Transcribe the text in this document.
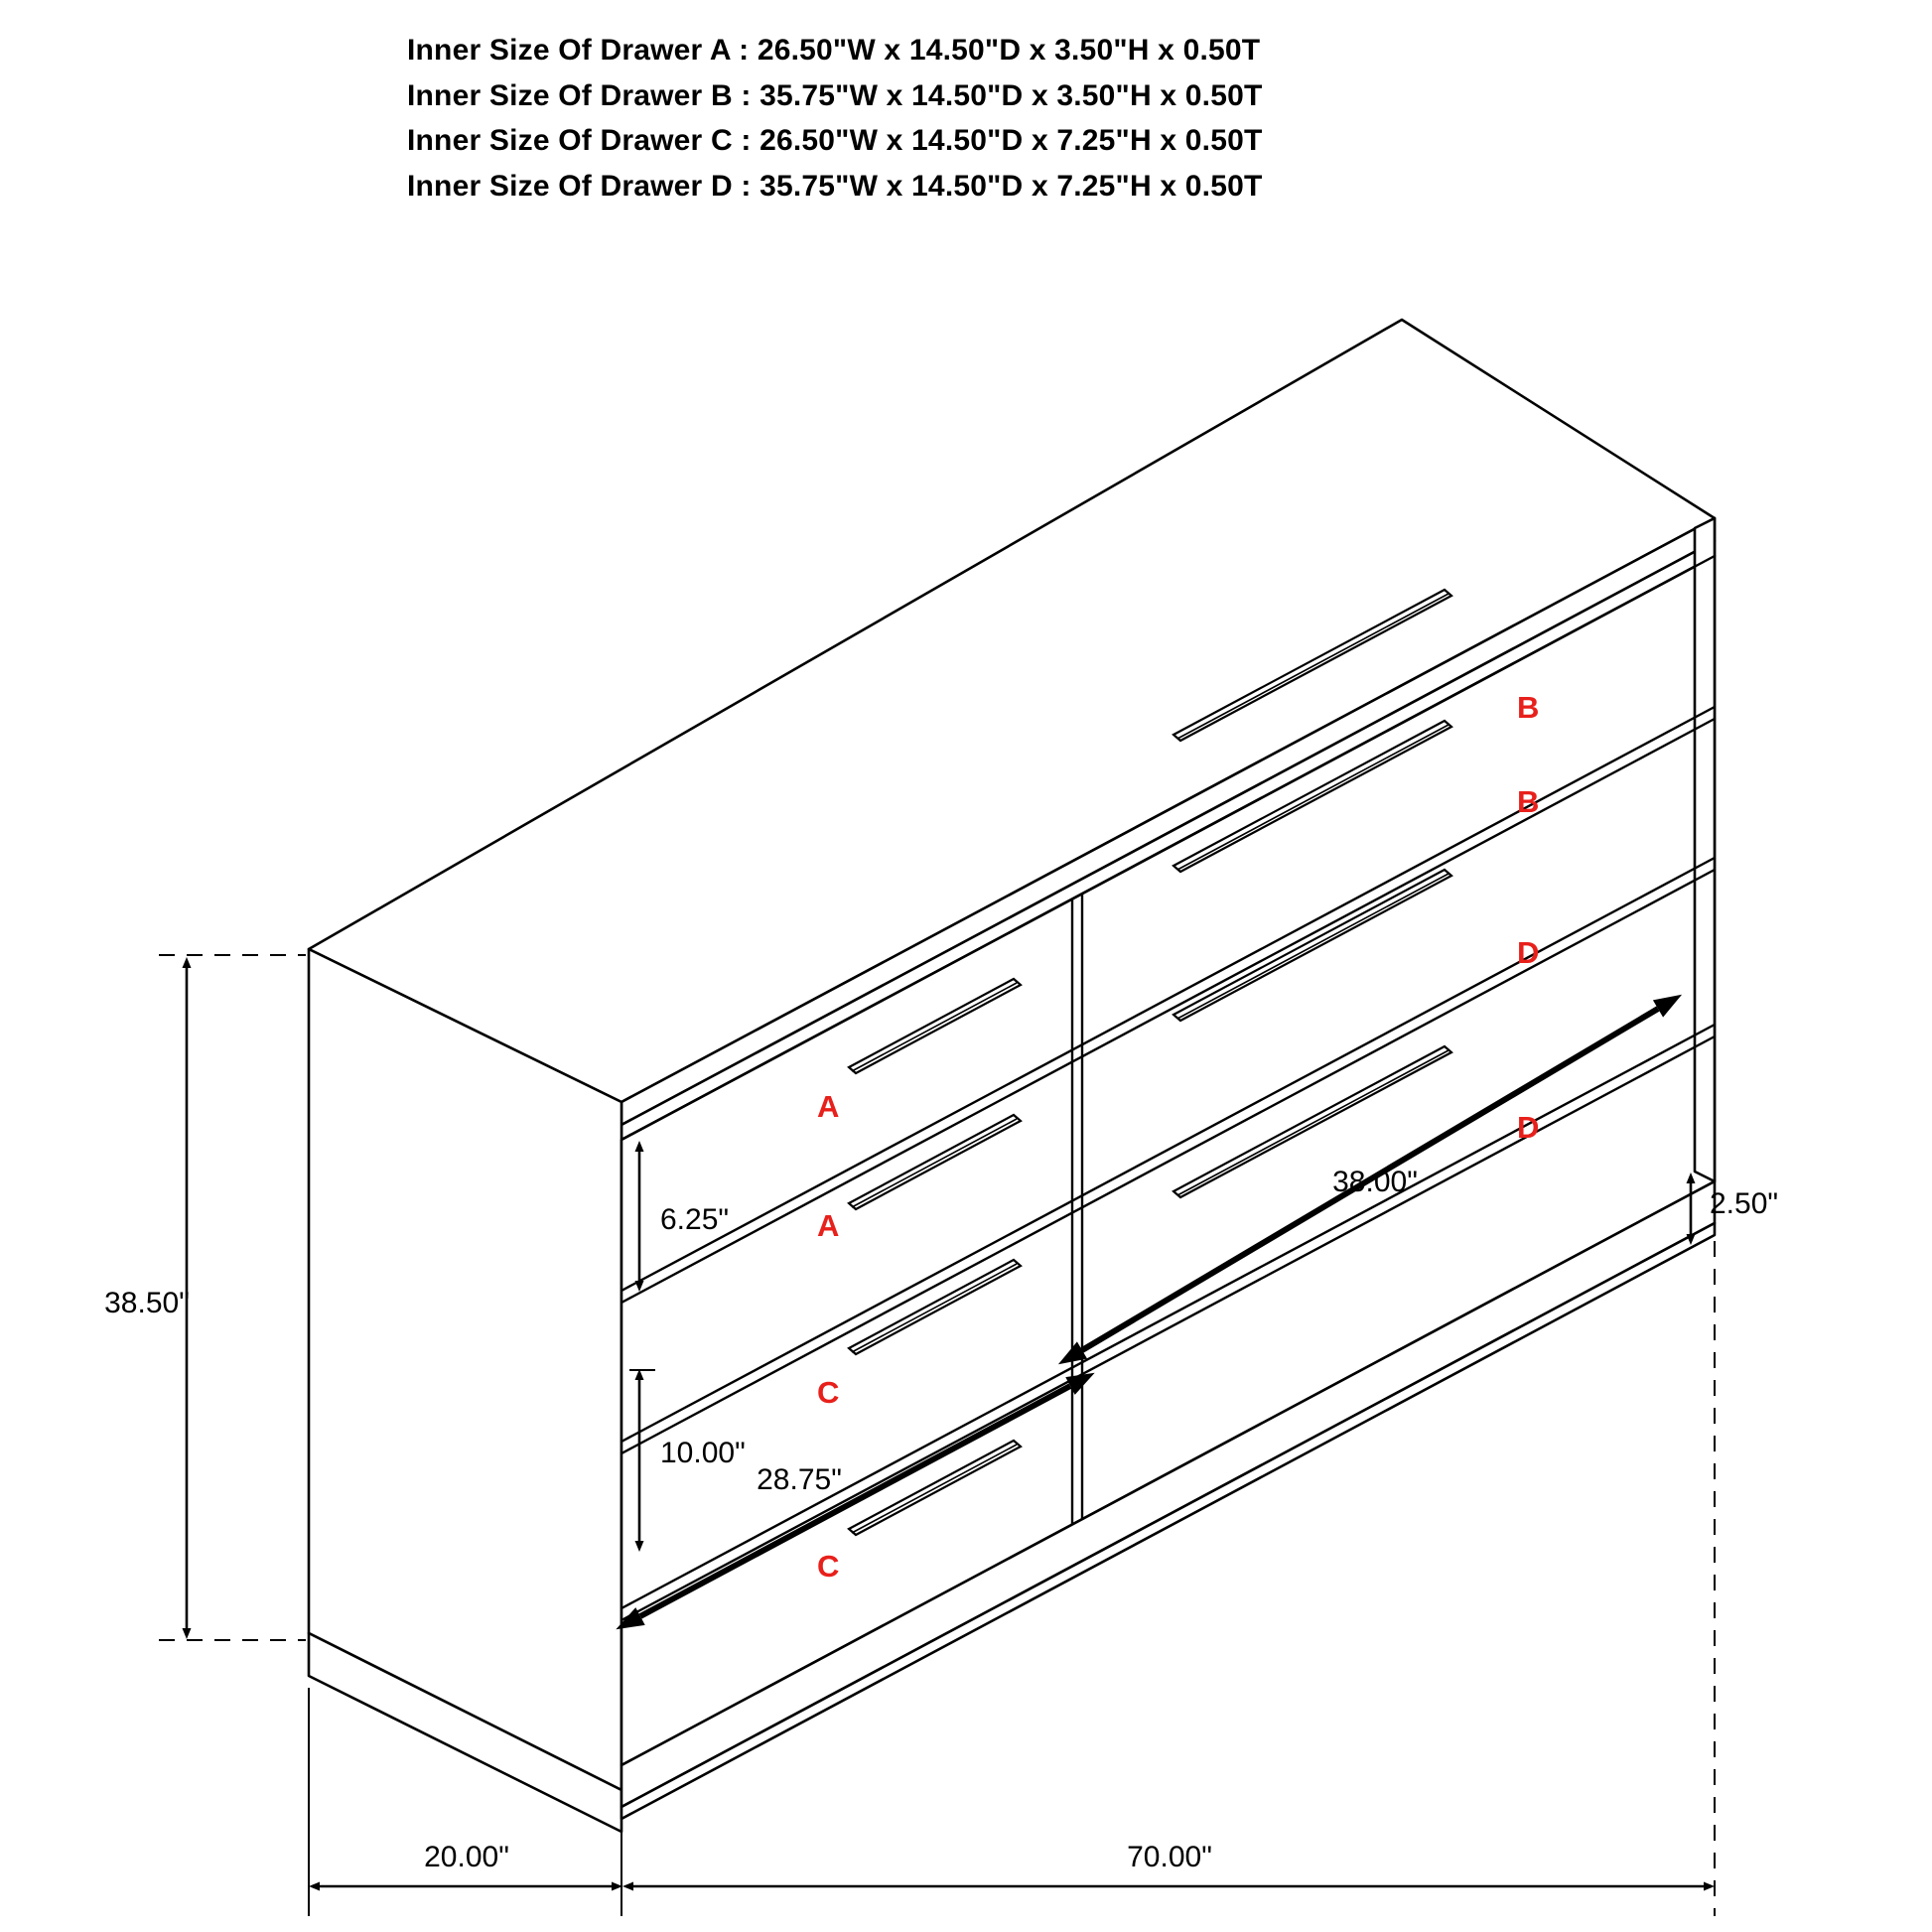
Inner Size Of Drawer A : 26.50"W x 14.50"D x 3.50"H x 0.50T
Inner Size Of Drawer B : 35.75"W x 14.50"D x 3.50"H x 0.50T
Inner Size Of Drawer C : 26.50"W x 14.50"D x 7.25"H x 0.50T
Inner Size Of Drawer D : 35.75"W x 14.50"D x 7.25"H x 0.50T
38.50"
6.25"
10.00"
2.50"
20.00"	70.00"
28.75"
38.00"
B
B
D
D
A
A
C
C
